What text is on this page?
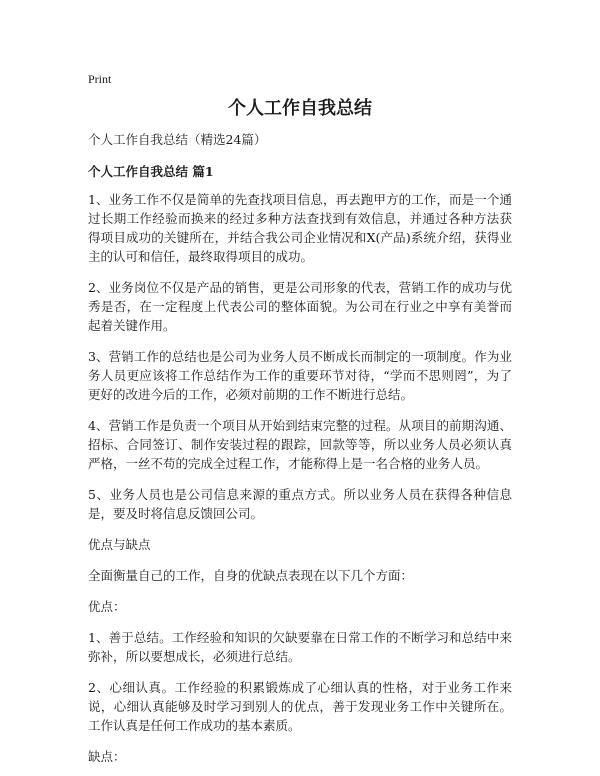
Print
个人工作自我总结
个人工作自我总结（精选24篇）
个人工作自我总结 篇1

1、业务工作不仅是简单的先查找项目信息，再去跑甲方的工作，而是一个通过长期工作经验而换来的经过多种方法查找到有效信息，并通过各种方法获得项目成功的关键所在，并结合我公司企业情况和X(产品)系统介绍，获得业主的认可和信任，最终取得项目的成功。

2、业务岗位不仅是产品的销售，更是公司形象的代表，营销工作的成功与优秀是否，在一定程度上代表公司的整体面貌。为公司在行业之中享有美誉而起着关键作用。

3、营销工作的总结也是公司为业务人员不断成长而制定的一项制度。作为业务人员更应该将工作总结作为工作的重要环节对待，“学而不思则罔”，为了更好的改进今后的工作，必须对前期的工作不断进行总结。

4、营销工作是负责一个项目从开始到结束完整的过程。从项目的前期沟通、招标、合同签订、制作安装过程的跟踪，回款等等，所以业务人员必须认真严格，一丝不苟的完成全过程工作，才能称得上是一名合格的业务人员。

5、业务人员也是公司信息来源的重点方式。所以业务人员在获得各种信息是，要及时将信息反馈回公司。

优点与缺点
全面衡量自己的工作，自身的优缺点表现在以下几个方面：
优点：

1、善于总结。工作经验和知识的欠缺要靠在日常工作的不断学习和总结中来弥补，所以要想成长，必须进行总结。

2、心细认真。工作经验的积累锻炼成了心细认真的性格，对于业务工作来说，心细认真能够及时学习到别人的优点，善于发现业务工作中关键所在。工作认真是任何工作成功的基本素质。

缺点：
